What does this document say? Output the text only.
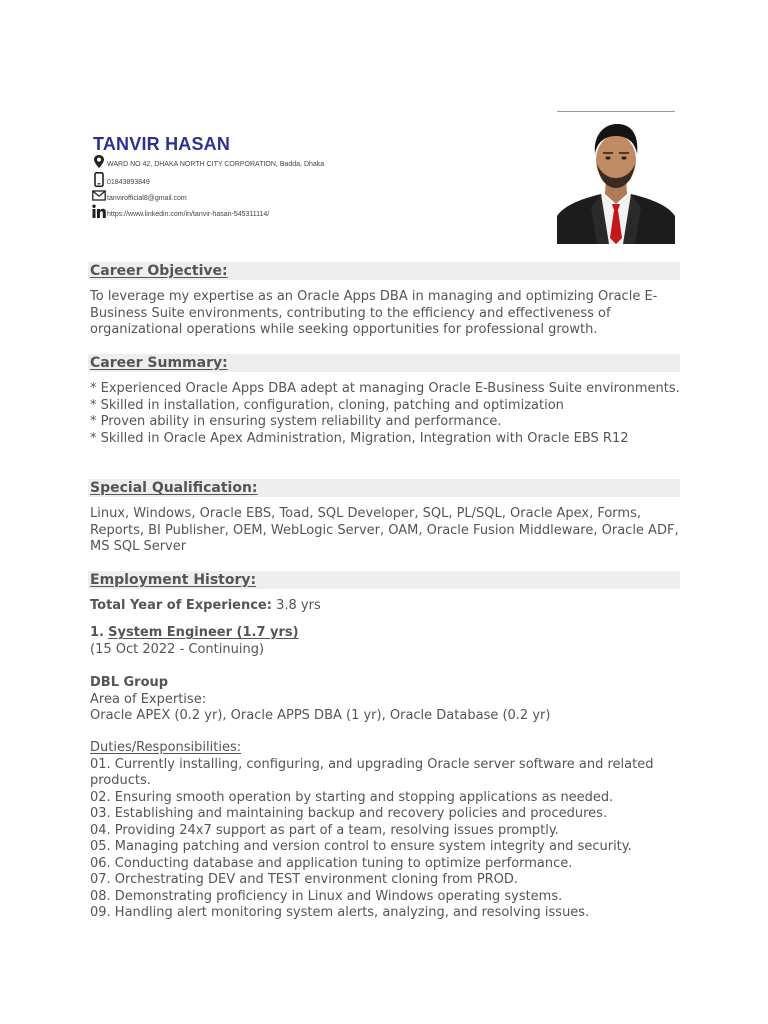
TANVIR HASAN
WARD NO 42, DHAKA NORTH CITY CORPORATION, Badda, Dhaka
01843893849
tanvirofficial8@gmail.com
https://www.linkedin.com/in/tanvir-hasan-545311114/
Career Objective:

To leverage my expertise as an Oracle Apps DBA in managing and optimizing Oracle E-Business Suite environments, contributing to the efficiency and effectiveness of organizational operations while seeking opportunities for professional growth.

Career Summary:

* Experienced Oracle Apps DBA adept at managing Oracle E-Business Suite environments.

* Skilled in installation, configuration, cloning, patching and optimization

* Proven ability in ensuring system reliability and performance.

* Skilled in Oracle Apex Administration, Migration, Integration with Oracle EBS R12

Special Qualification:

Linux, Windows, Oracle EBS, Toad, SQL Developer, SQL, PL/SQL, Oracle Apex, Forms, Reports, BI Publisher, OEM, WebLogic Server, OAM, Oracle Fusion Middleware, Oracle ADF, MS SQL Server

Employment History:

Total Year of Experience: 3.8 yrs

1. System Engineer (1.7 yrs)

(15 Oct 2022 - Continuing)

DBL Group

Area of Expertise:

Oracle APEX (0.2 yr), Oracle APPS DBA (1 yr), Oracle Database (0.2 yr)

Duties/Responsibilities:

01. Currently installing, configuring, and upgrading Oracle server software and related products.

02. Ensuring smooth operation by starting and stopping applications as needed.

03. Establishing and maintaining backup and recovery policies and procedures.

04. Providing 24x7 support as part of a team, resolving issues promptly.

05. Managing patching and version control to ensure system integrity and security.

06. Conducting database and application tuning to optimize performance.

07. Orchestrating DEV and TEST environment cloning from PROD.

08. Demonstrating proficiency in Linux and Windows operating systems.

09. Handling alert monitoring system alerts, analyzing, and resolving issues.
